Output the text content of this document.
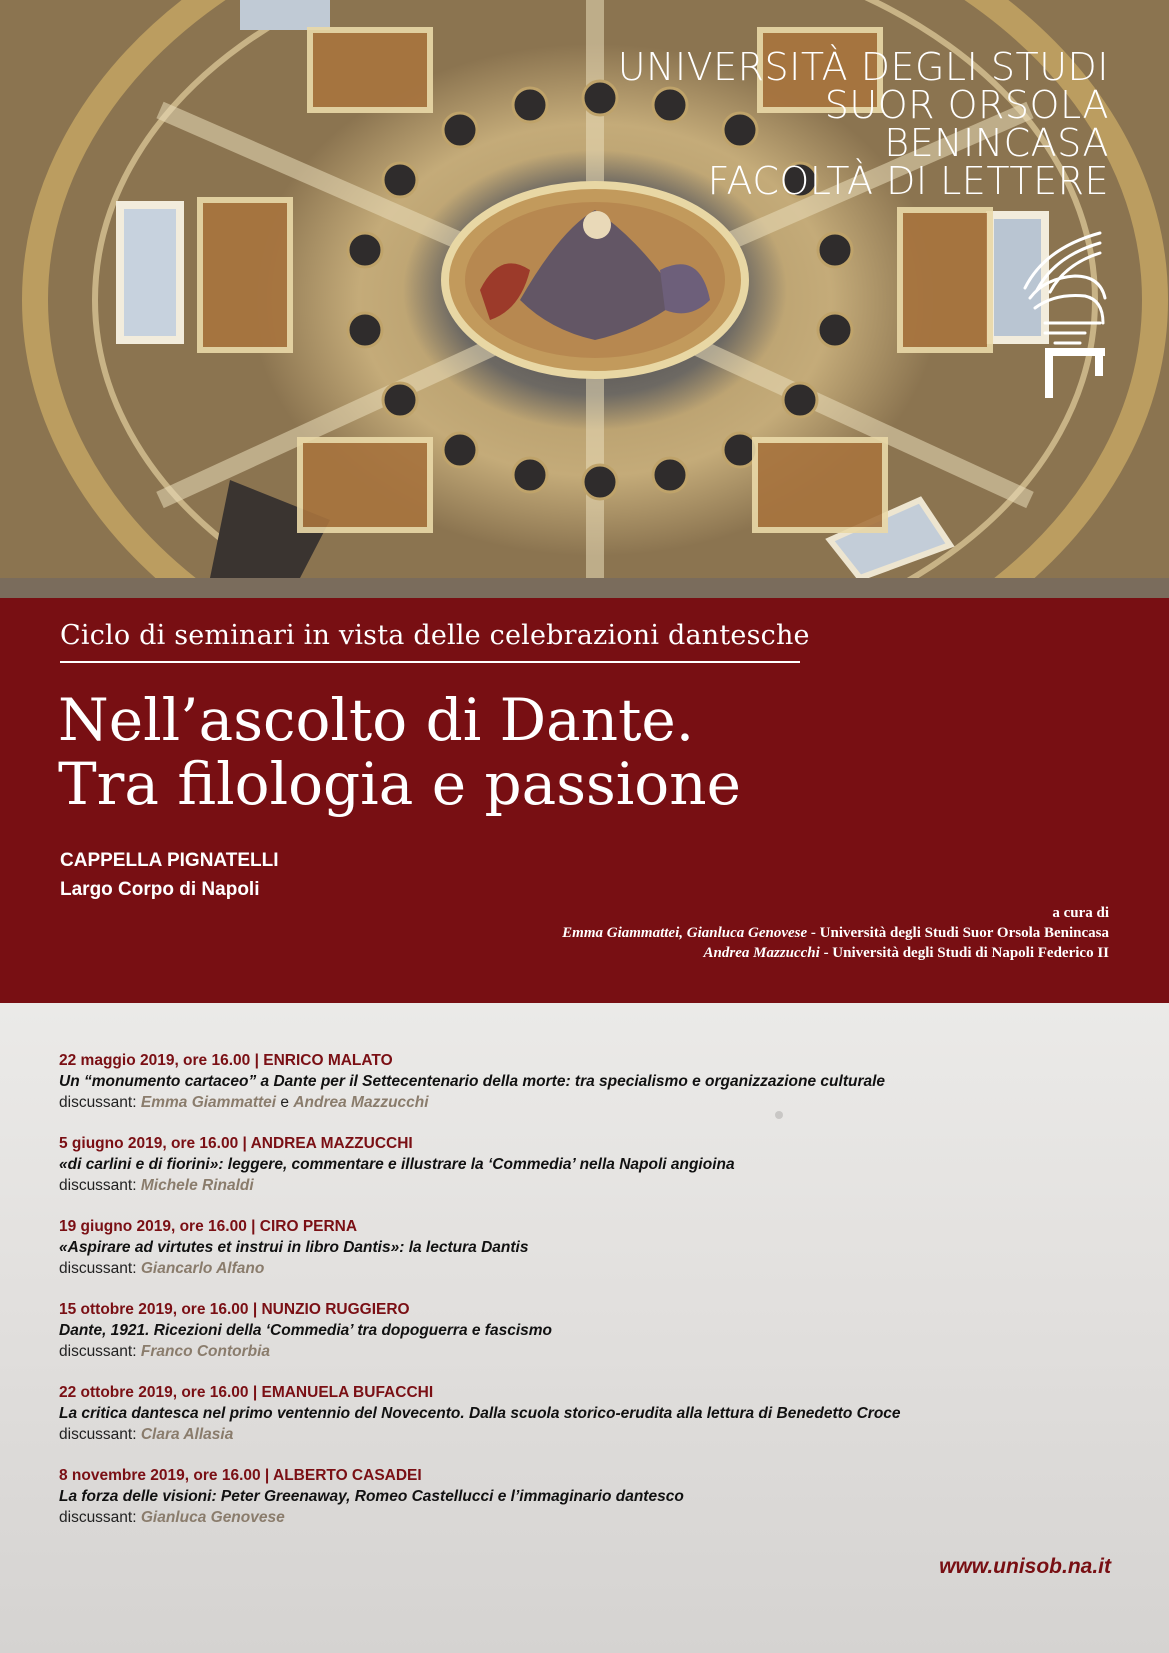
UNIVERSITÀ DEGLI STUDI
SUOR ORSOLA
BENINCASA
FACOLTÀ DI LETTERE
Ciclo di seminari in vista delle celebrazioni dantesche
Nell’ascolto di Dante.
Tra filologia e passione
CAPPELLA PIGNATELLI
Largo Corpo di Napoli
a cura di
Emma Giammattei, Gianluca Genovese - Università degli Studi Suor Orsola Benincasa
Andrea Mazzucchi - Università degli Studi di Napoli Federico II
22 maggio 2019, ore 16.00 | ENRICO MALATO
Un “monumento cartaceo” a Dante per il Settecentenario della morte: tra specialismo e organizzazione culturale
discussant: Emma Giammattei e Andrea Mazzucchi
5 giugno 2019, ore 16.00 | ANDREA MAZZUCCHI
«di carlini e di fiorini»: leggere, commentare e illustrare la ‘Commedia’ nella Napoli angioina
discussant: Michele Rinaldi
19 giugno 2019, ore 16.00 | CIRO PERNA
«Aspirare ad virtutes et instrui in libro Dantis»: la lectura Dantis
discussant: Giancarlo Alfano
15 ottobre 2019, ore 16.00 | NUNZIO RUGGIERO
Dante, 1921. Ricezioni della ‘Commedia’ tra dopoguerra e fascismo
discussant: Franco Contorbia
22 ottobre 2019, ore 16.00 | EMANUELA BUFACCHI
La critica dantesca nel primo ventennio del Novecento. Dalla scuola storico-erudita alla lettura di Benedetto Croce
discussant: Clara Allasia
8 novembre 2019, ore 16.00 | ALBERTO CASADEI
La forza delle visioni: Peter Greenaway, Romeo Castellucci e l’immaginario dantesco
discussant: Gianluca Genovese
www.unisob.na.it
